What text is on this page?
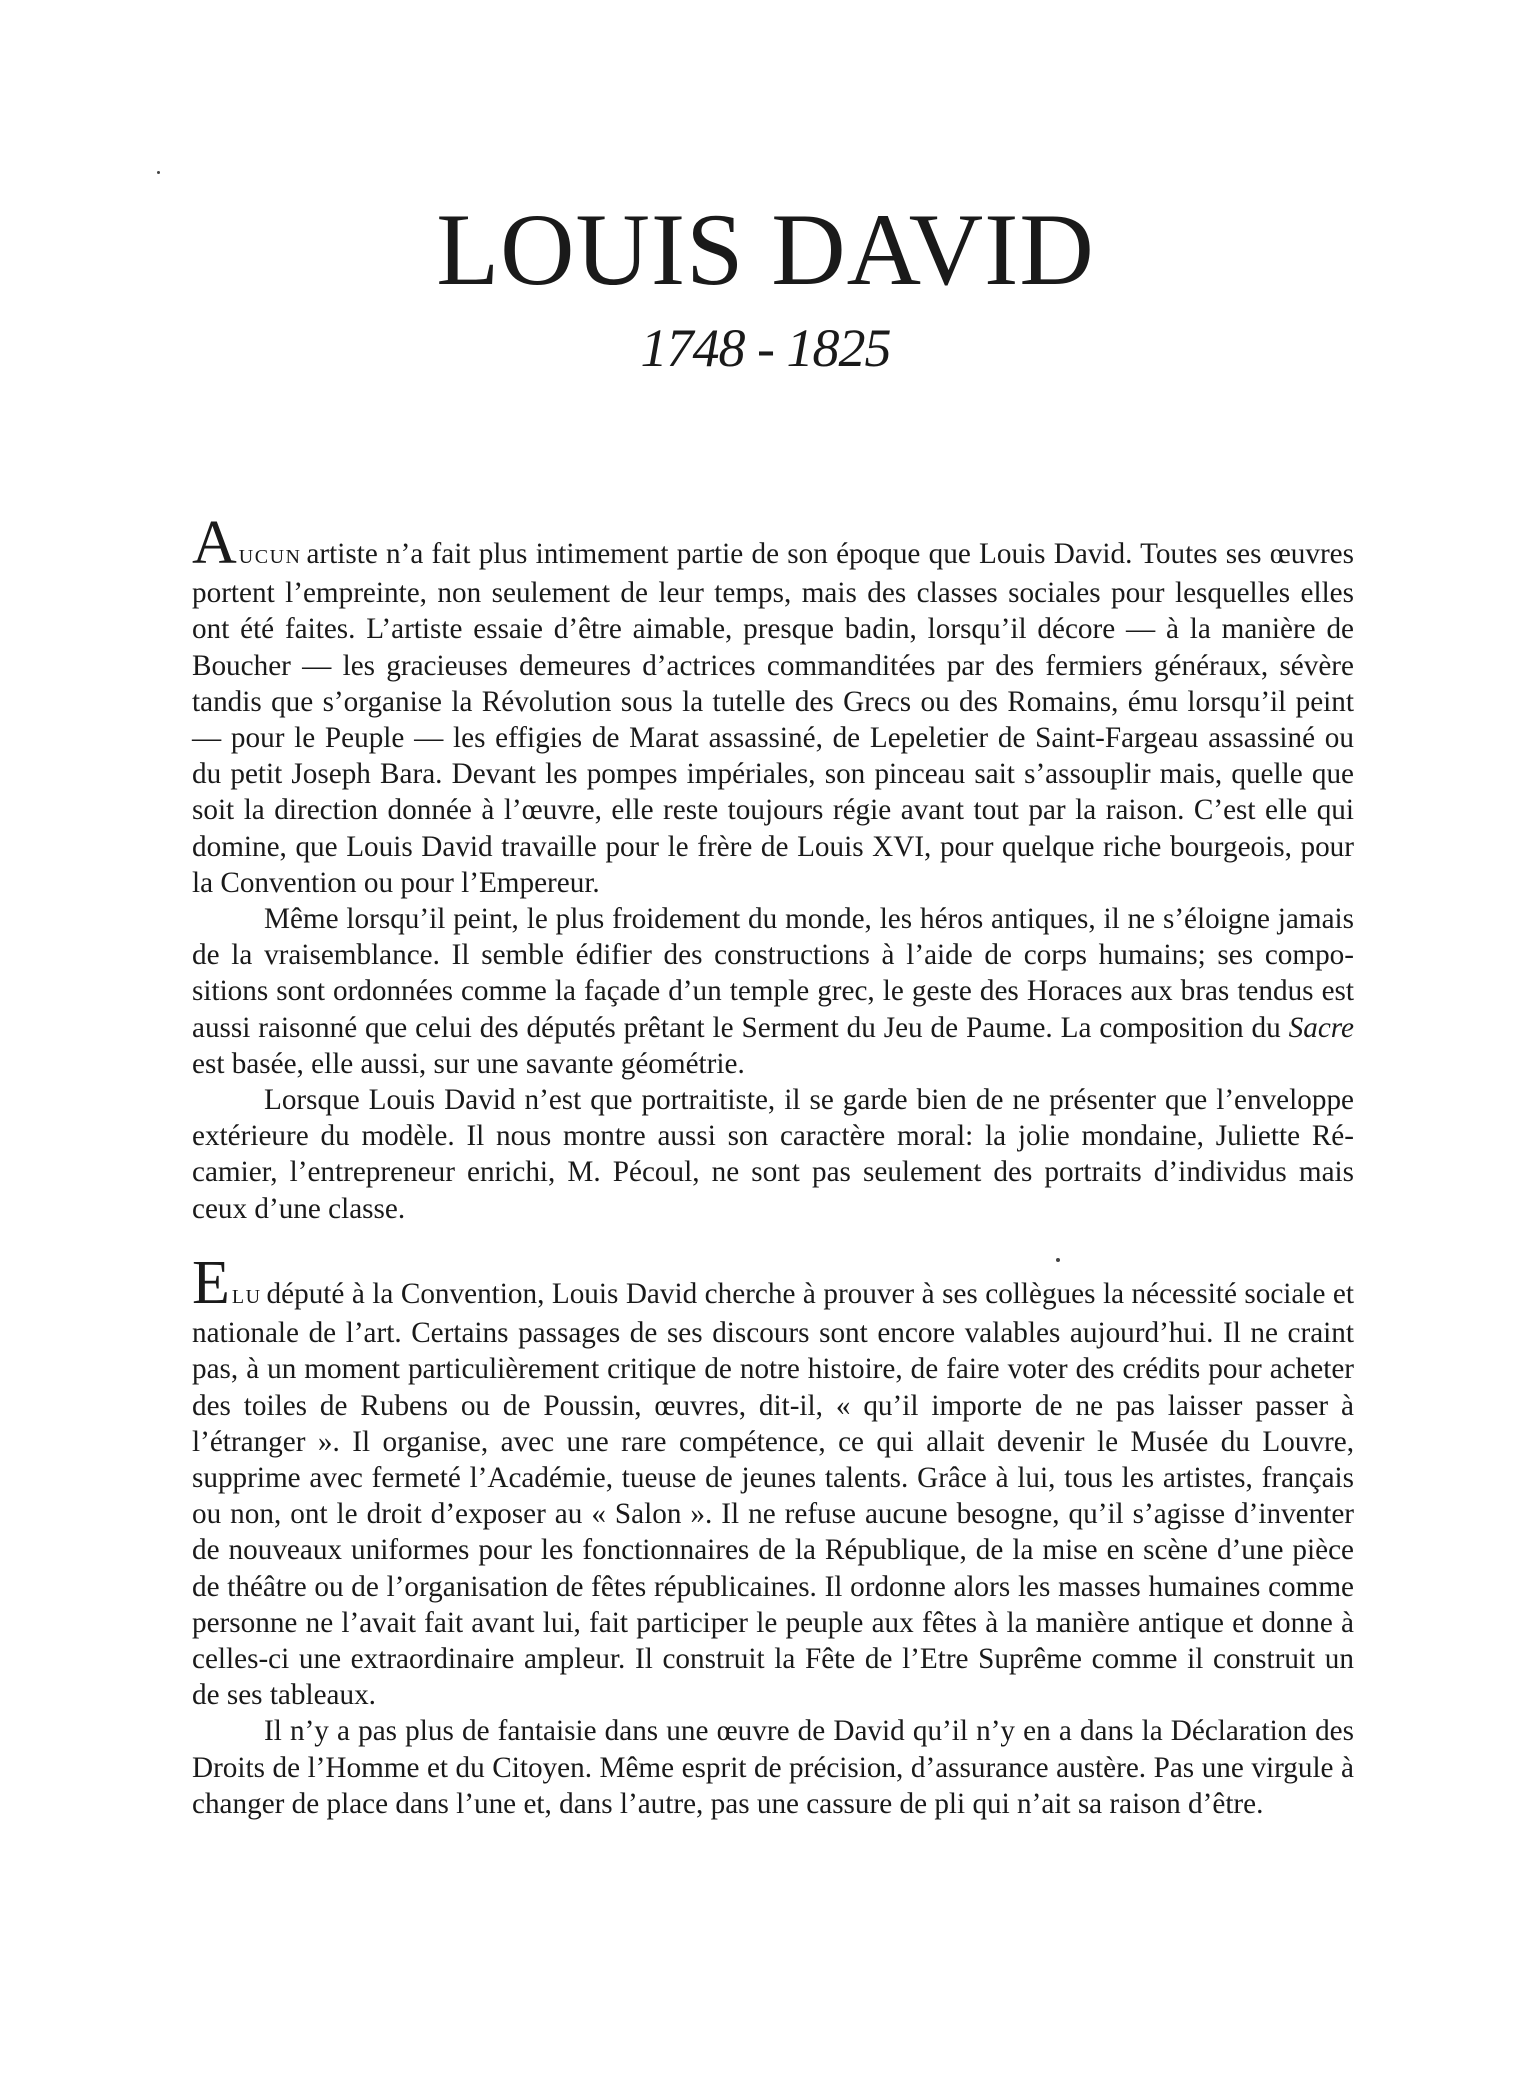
LOUIS DAVID
1748 - 1825

AUCUN artiste n’a fait plus intimement partie de son époque que Louis David. Toutes ses œuvres portent l’empreinte, non seulement de leur temps, mais des classes sociales pour lesquelles elles ont été faites. L’artiste essaie d’être aimable, presque badin, lorsqu’il décore — à la manière de Boucher — les gracieuses demeures d’actrices commanditées par des fermiers généraux, sévère tandis que s’organise la Révolution sous la tutelle des Grecs ou des Romains, ému lorsqu’il peint — pour le Peuple — les effigies de Marat assassiné, de Lepeletier de Saint-Fargeau assassiné ou du petit Joseph Bara. Devant les pompes impériales, son pinceau sait s’assouplir mais, quelle que soit la direction donnée à l’œuvre, elle reste toujours régie avant tout par la raison. C’est elle qui domine, que Louis David travaille pour le frère de Louis XVI, pour quelque riche bourgeois, pour la Convention ou pour l’Empereur.

Même lorsqu’il peint, le plus froidement du monde, les héros antiques, il ne s’éloigne jamais de la vraisemblance. Il semble édifier des constructions à l’aide de corps humains; ses compositions sont ordonnées comme la façade d’un temple grec, le geste des Horaces aux bras tendus est aussi raisonné que celui des députés prêtant le Serment du Jeu de Paume. La composition du Sacre est basée, elle aussi, sur une savante géométrie.

Lorsque Louis David n’est que portraitiste, il se garde bien de ne présenter que l’enveloppe extérieure du modèle. Il nous montre aussi son caractère moral: la jolie mondaine, Juliette Récamier, l’entrepreneur enrichi, M. Pécoul, ne sont pas seulement des portraits d’individus mais ceux d’une classe.

ELU député à la Convention, Louis David cherche à prouver à ses collègues la nécessité sociale et nationale de l’art. Certains passages de ses discours sont encore valables aujourd’hui. Il ne craint pas, à un moment particulièrement critique de notre histoire, de faire voter des crédits pour acheter des toiles de Rubens ou de Poussin, œuvres, dit-il, « qu’il importe de ne pas laisser passer à l’étranger ». Il organise, avec une rare compétence, ce qui allait devenir le Musée du Louvre, supprime avec fermeté l’Académie, tueuse de jeunes talents. Grâce à lui, tous les artistes, français ou non, ont le droit d’exposer au « Salon ». Il ne refuse aucune besogne, qu’il s’agisse d’inventer de nouveaux uniformes pour les fonctionnaires de la République, de la mise en scène d’une pièce de théâtre ou de l’organisation de fêtes républicaines. Il ordonne alors les masses humaines comme personne ne l’avait fait avant lui, fait participer le peuple aux fêtes à la manière antique et donne à celles-ci une extraordinaire ampleur. Il construit la Fête de l’Etre Suprême comme il construit un de ses tableaux.

Il n’y a pas plus de fantaisie dans une œuvre de David qu’il n’y en a dans la Déclaration des Droits de l’Homme et du Citoyen. Même esprit de précision, d’assurance austère. Pas une virgule à changer de place dans l’une et, dans l’autre, pas une cassure de pli qui n’ait sa raison d’être.
